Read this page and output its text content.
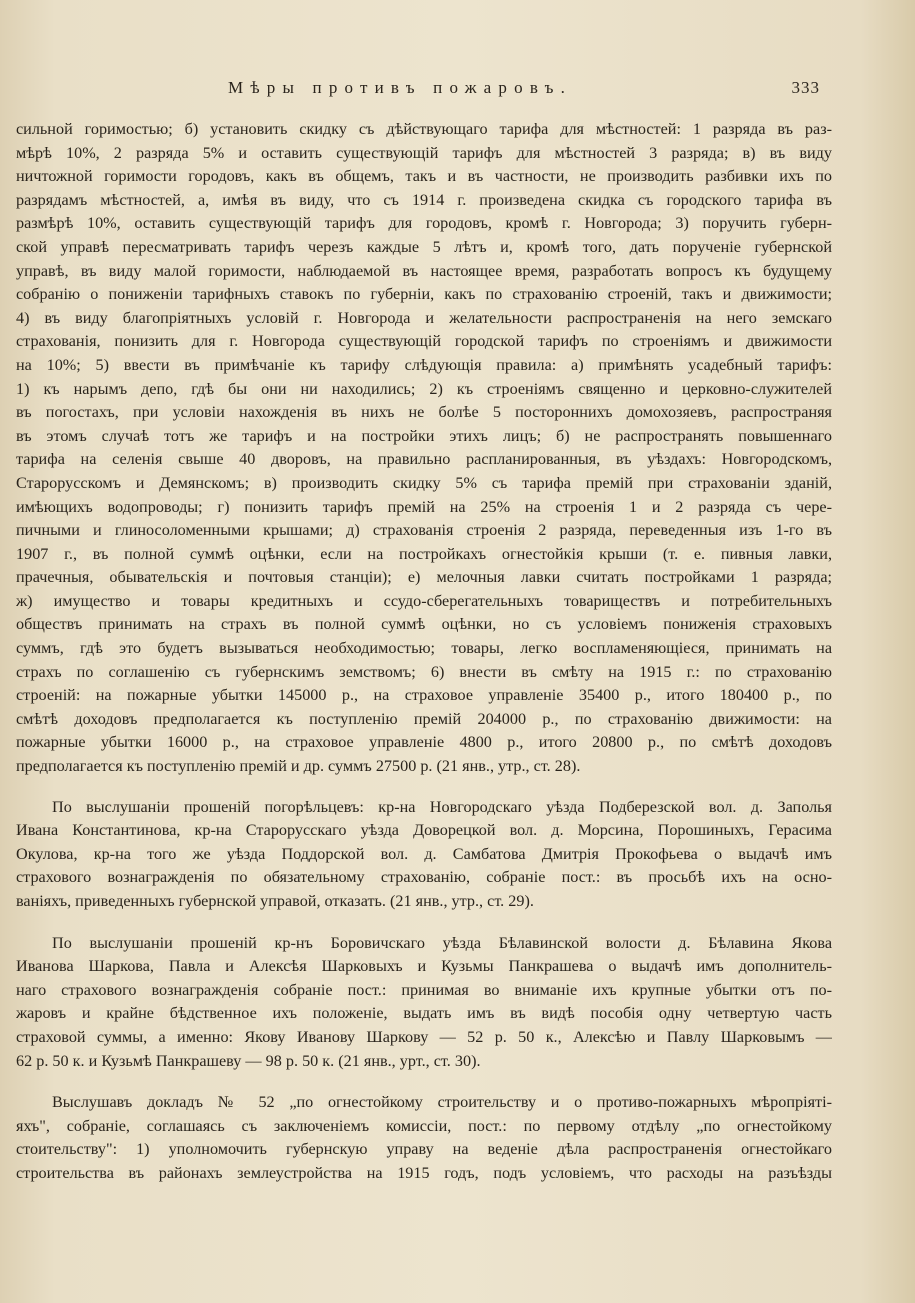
Мѣры противъ пожаровъ.	333
сильной горимостью; б) установить скидку съ дѣйствующаго тарифа для мѣстностей: 1 разряда въ раз-
мѣрѣ 10%, 2 разряда 5% и оставить существующій тарифъ для мѣстностей 3 разряда; в) въ виду
ничтожной горимости городовъ, какъ въ общемъ, такъ и въ частности, не производить разбивки ихъ по
разрядамъ мѣстностей, а, имѣя въ виду, что съ 1914 г. произведена скидка съ городского тарифа въ
размѣрѣ 10%, оставить существующій тарифъ для городовъ, кромѣ г. Новгорода; 3) поручить губерн-
ской управѣ пересматривать тарифъ черезъ каждые 5 лѣтъ и, кромѣ того, дать порученіе губернской
управѣ, въ виду малой горимости, наблюдаемой въ настоящее время, разработать вопросъ къ будущему
собранію о пониженіи тарифныхъ ставокъ по губерніи, какъ по страхованію строеній, такъ и движимости;
4) въ виду благопріятныхъ условій г. Новгорода и желательности распространенія на него земскаго
страхованія, понизить для г. Новгорода существующій городской тарифъ по строеніямъ и движимости
на 10%; 5) ввести въ примѣчаніе къ тарифу слѣдующія правила: а) примѣнять усадебный тарифъ:
1) къ нарымъ депо, гдѣ бы они ни находились; 2) къ строеніямъ священно и церковно-служителей
въ погостахъ, при условіи нахожденія въ нихъ не болѣе 5 постороннихъ домохозяевъ, распространяя
въ этомъ случаѣ тотъ же тарифъ и на постройки этихъ лицъ; б) не распространять повышеннаго
тарифа на селенія свыше 40 дворовъ, на правильно распланированныя, въ уѣздахъ: Новгородскомъ,
Старорусскомъ и Демянскомъ; в) производить скидку 5% съ тарифа премій при страхованіи зданій,
имѣющихъ водопроводы; г) понизить тарифъ премій на 25% на строенія 1 и 2 разряда съ чере-
пичными и глиносоломенными крышами; д) страхованія строенія 2 разряда, переведенныя изъ 1-го въ
1907 г., въ полной суммѣ оцѣнки, если на постройкахъ огнестойкія крыши (т. е. пивныя лавки,
прачечныя, обывательскія и почтовыя станціи); е) мелочныя лавки считать постройками 1 разряда;
ж) имущество и товары кредитныхъ и ссудо-сберегательныхъ товариществъ и потребительныхъ
обществъ принимать на страхъ въ полной суммѣ оцѣнки, но съ условіемъ пониженія страховыхъ
суммъ, гдѣ это будетъ вызываться необходимостью; товары, легко воспламеняющіеся, принимать на
страхъ по соглашенію съ губернскимъ земствомъ; 6) внести въ смѣту на 1915 г.: по страхованію
строеній: на пожарные убытки 145000 р., на страховое управленіе 35400 р., итого 180400 р., по
смѣтѣ доходовъ предполагается къ поступленію премій 204000 р., по страхованію движимости: на
пожарные убытки 16000 р., на страховое управленіе 4800 р., итого 20800 р., по смѣтѣ доходовъ
предполагается къ поступленію премій и др. суммъ 27500 р. (21 янв., утр., ст. 28).
По выслушаніи прошеній погорѣльцевъ: кр-на Новгородскаго уѣзда Подберезской вол. д. Заполья
Ивана Константинова, кр-на Старорусскаго уѣзда Доворецкой вол. д. Морсина, Порошиныхъ, Герасима
Окулова, кр-на того же уѣзда Поддорской вол. д. Самбатова Дмитрія Прокофьева о выдачѣ имъ
страхового вознагражденія по обязательному страхованію, собраніе пост.: въ просьбѣ ихъ на осно-
ваніяхъ, приведенныхъ губернской управой, отказать. (21 янв., утр., ст. 29).
По выслушаніи прошеній кр-нъ Боровичскаго уѣзда Бѣлавинской волости д. Бѣлавина Якова
Иванова Шаркова, Павла и Алексѣя Шарковыхъ и Кузьмы Панкрашева о выдачѣ имъ дополнитель-
наго страхового вознагражденія собраніе пост.: принимая во вниманіе ихъ крупные убытки отъ по-
жаровъ и крайне бѣдственное ихъ положеніе, выдать имъ въ видѣ пособія одну четвертую часть
страховой суммы, а именно: Якову Иванову Шаркову — 52 р. 50 к., Алексѣю и Павлу Шарковымъ —
62 р. 50 к. и Кузьмѣ Панкрашеву — 98 р. 50 к. (21 янв., урт., ст. 30).
Выслушавъ докладъ № 52 „по огнестойкому строительству и о противо-пожарныхъ мѣропріяті-
яхъ", собраніе, соглашаясь съ заключеніемъ комиссіи, пост.: по первому отдѣлу „по огнестойкому
стоительству": 1) уполномочить губернскую управу на веденіе дѣла распространенія огнестойкаго
строительства въ районахъ землеустройства на 1915 годъ, подъ условіемъ, что расходы на разъѣзды
